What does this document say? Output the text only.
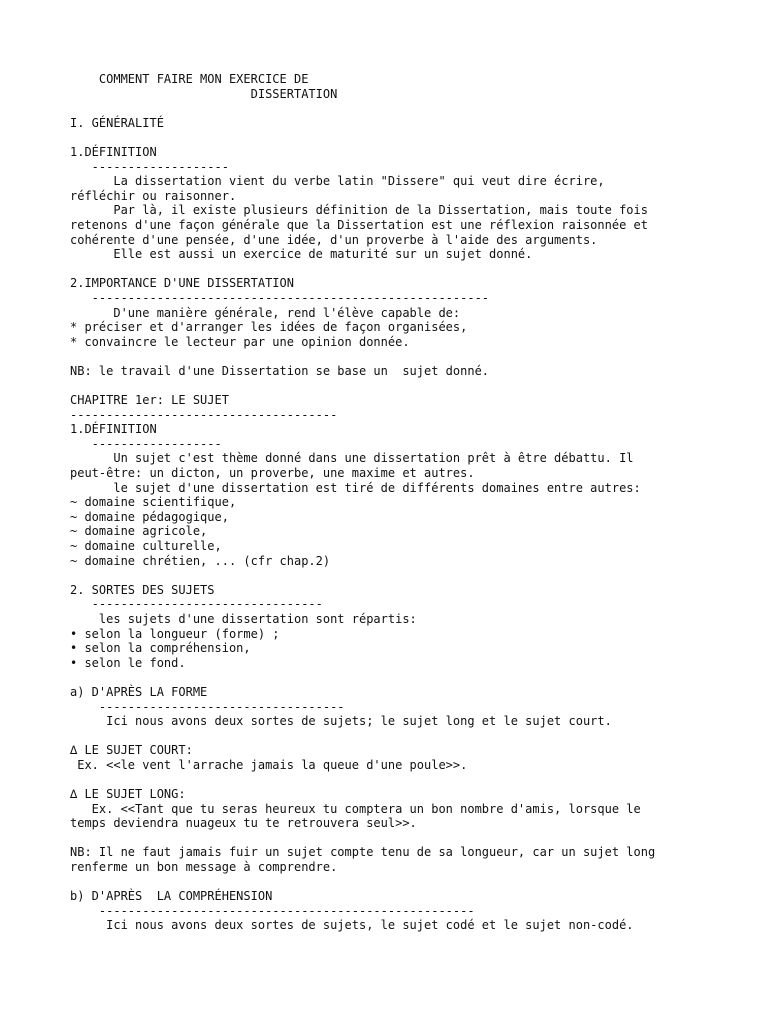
COMMENT FAIRE MON EXERCICE DE
DISSERTATION
I. GÉNÉRALITÉ
1.DÉFINITION
-------------------
La dissertation vient du verbe latin "Dissere" qui veut dire écrire,
réfléchir ou raisonner.
Par là, il existe plusieurs définition de la Dissertation, mais toute fois
retenons d'une façon générale que la Dissertation est une réflexion raisonnée et
cohérente d'une pensée, d'une idée, d'un proverbe à l'aide des arguments.
Elle est aussi un exercice de maturité sur un sujet donné.
2.IMPORTANCE D'UNE DISSERTATION
-------------------------------------------------------
D'une manière générale, rend l'élève capable de:
* préciser et d'arranger les idées de façon organisées,
* convaincre le lecteur par une opinion donnée.
NB: le travail d'une Dissertation se base un  sujet donné.
CHAPITRE 1er: LE SUJET
-------------------------------------
1.DÉFINITION
------------------
Un sujet c'est thème donné dans une dissertation prêt à être débattu. Il
peut-être: un dicton, un proverbe, une maxime et autres.
le sujet d'une dissertation est tiré de différents domaines entre autres:
~ domaine scientifique,
~ domaine pédagogique,
~ domaine agricole,
~ domaine culturelle,
~ domaine chrétien, ... (cfr chap.2)
2. SORTES DES SUJETS
--------------------------------
les sujets d'une dissertation sont répartis:
• selon la longueur (forme) ;
• selon la compréhension,
• selon le fond.
a) D'APRÈS LA FORME
----------------------------------
Ici nous avons deux sortes de sujets; le sujet long et le sujet court.
∆ LE SUJET COURT:
Ex. <<le vent l'arrache jamais la queue d'une poule>>.
∆ LE SUJET LONG:
Ex. <<Tant que tu seras heureux tu comptera un bon nombre d'amis, lorsque le
temps deviendra nuageux tu te retrouvera seul>>.
NB: Il ne faut jamais fuir un sujet compte tenu de sa longueur, car un sujet long
renferme un bon message à comprendre.
b) D'APRÈS  LA COMPRÉHENSION
----------------------------------------------------
Ici nous avons deux sortes de sujets, le sujet codé et le sujet non-codé.
